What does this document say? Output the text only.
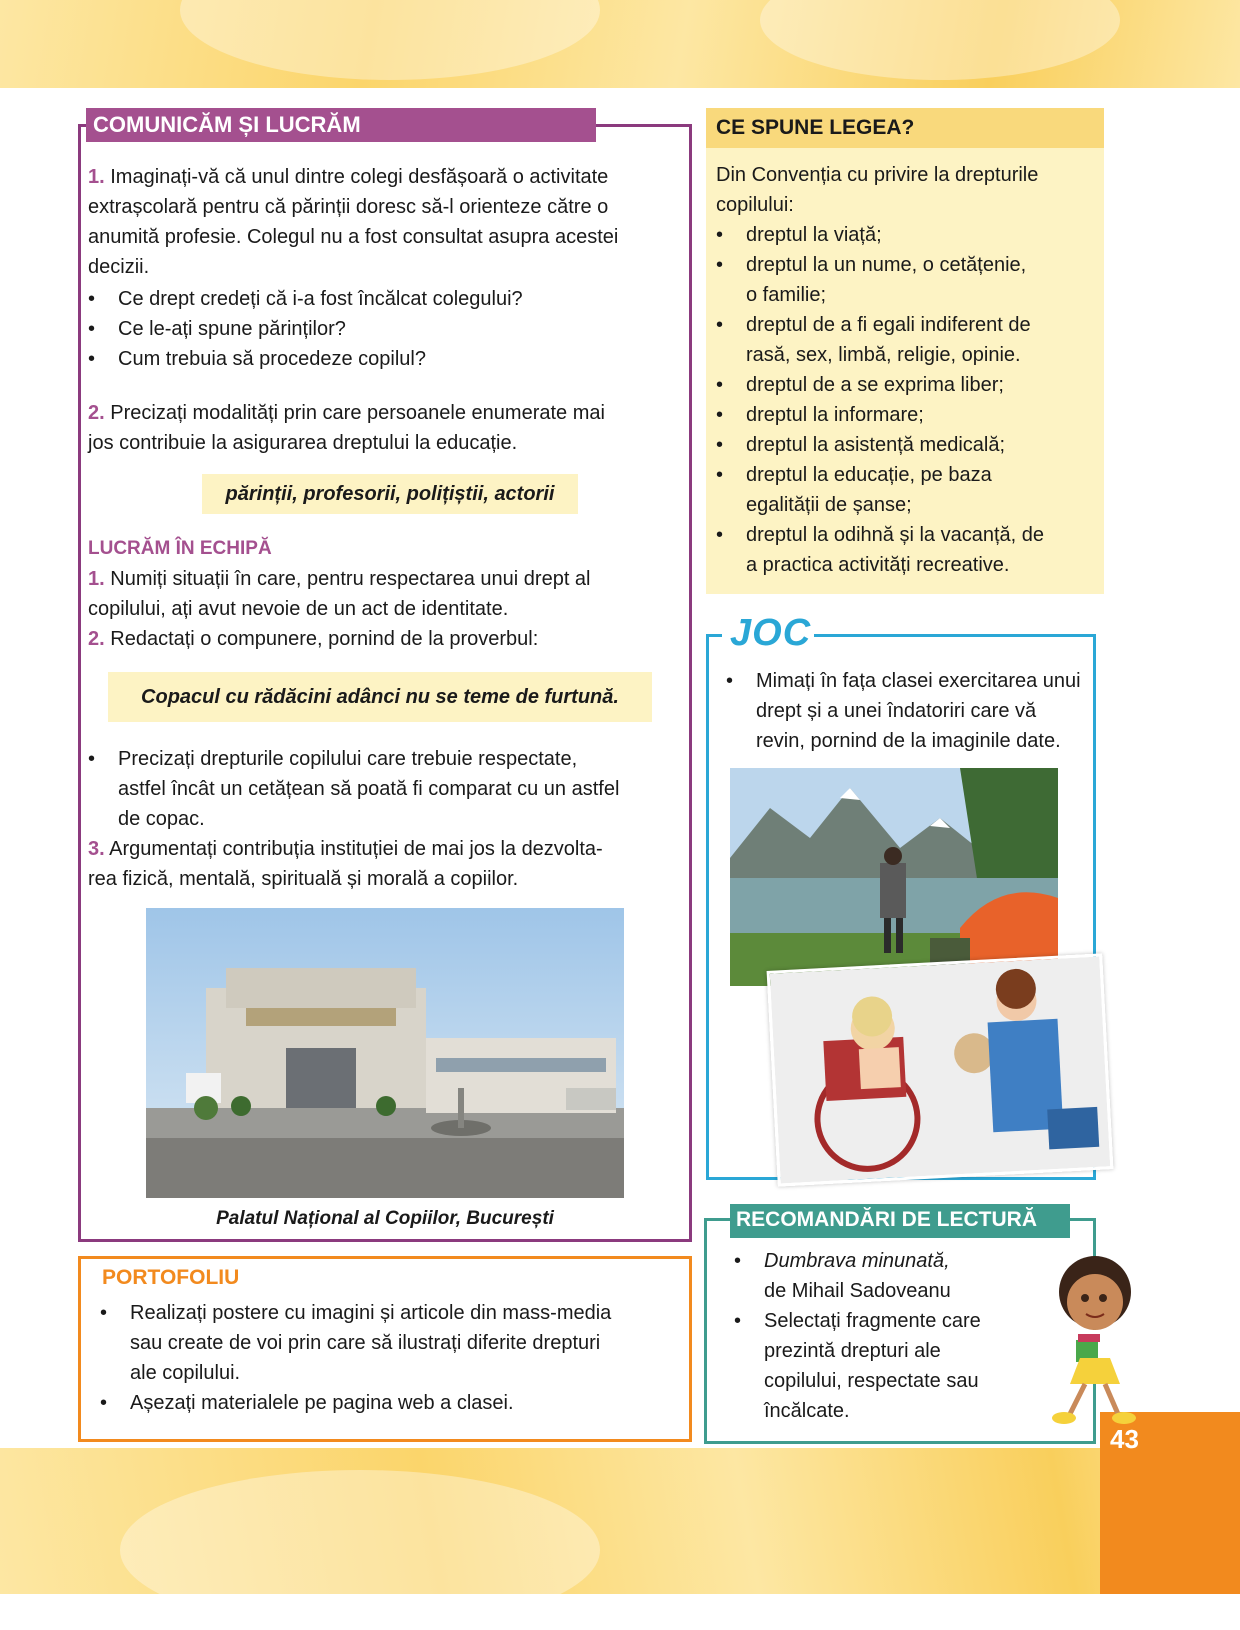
43
COMUNICĂM ȘI LUCRĂM
1. Imaginați-vă că unul dintre colegi desfășoară o activitate
extrașcolară pentru că părinții doresc să-l orienteze către o
anumită profesie. Colegul nu a fost consultat asupra acestei
decizii.
• Ce drept credeți că i-a fost încălcat colegului?
• Ce le-ați spune părinților?
• Cum trebuia să procedeze copilul?
2. Precizați modalități prin care persoanele enumerate mai
jos contribuie la asigurarea dreptului la educație.
părinții, profesorii, polițiștii, actorii
LUCRĂM ÎN ECHIPĂ
1. Numiți situații în care, pentru respectarea unui drept al
copilului, ați avut nevoie de un act de identitate.
2. Redactați o compunere, pornind de la proverbul:
Copacul cu rădăcini adânci nu se teme de furtună.
• Precizați drepturile copilului care trebuie respectate,
astfel încât un cetățean să poată fi comparat cu un astfel
de copac.
3. Argumentați contribuția instituției de mai jos la dezvolta-
rea fizică, mentală, spirituală și morală a copiilor.
Palatul Național al Copiilor, București
PORTOFOLIU
• Realizați postere cu imagini și articole din mass-media
sau create de voi prin care să ilustrați diferite drepturi
ale copilului.
• Așezați materialele pe pagina web a clasei.
CE SPUNE LEGEA?
Din Convenția cu privire la drepturile
copilului:
• dreptul la viață;
• dreptul la un nume, o cetățenie,
o familie;
• dreptul de a fi egali indiferent de
rasă, sex, limbă, religie, opinie.
• dreptul de a se exprima liber;
• dreptul la informare;
• dreptul la asistență medicală;
• dreptul la educație, pe baza
egalității de șanse;
• dreptul la odihnă și la vacanță, de
a practica activități recreative.
JOC
• Mimați în fața clasei exercitarea unui
drept și a unei îndatoriri care vă
revin, pornind de la imaginile date.
RECOMANDĂRI DE LECTURĂ
• Dumbrava minunată,
de Mihail Sadoveanu
• Selectați fragmente care
prezintă drepturi ale
copilului, respectate sau
încălcate.
